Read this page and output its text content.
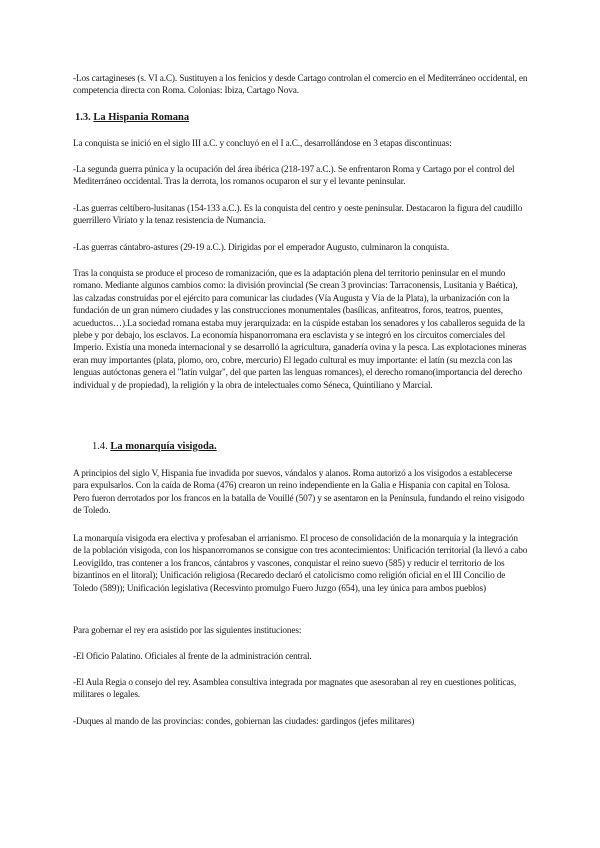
-Los cartagineses (s. VI a.C). Sustituyen a los fenicios y desde Cartago controlan el comercio en el Mediterráneo occidental, en competencia directa con Roma. Colonias: Ibiza, Cartago Nova.

1.3. La Hispania Romana

La conquista se inició en el siglo III a.C. y concluyó en el I a.C., desarrollándose en 3 etapas discontinuas:

-La segunda guerra púnica y la ocupación del área ibérica (218-197 a.C.). Se enfrentaron Roma y Cartago por el control del Mediterráneo occidental. Tras la derrota, los romanos ocuparon el sur y el levante peninsular.

-Las guerras celtíbero-lusitanas (154-133 a.C.). Es la conquista del centro y oeste peninsular. Destacaron la figura del caudillo guerrillero Viriato y la tenaz resistencia de Numancia.

-Las guerras cántabro-astures (29-19 a.C.). Dirigidas por el emperador Augusto, culminaron la conquista.

Tras la conquista se produce el proceso de romanización, que es la adaptación plena del territorio peninsular en el mundo romano. Mediante algunos cambios como: la división provincial (Se crean 3 provincias: Tarraconensis, Lusitania y Baética), las calzadas construidas por el ejército para comunicar las ciudades (Vía Augusta y Vía de la Plata), la urbanización con la fundación de un gran número ciudades y las construcciones monumentales (basílicas, anfiteatros, foros, teatros, puentes, acueductos…).La sociedad romana estaba muy jerarquizada: en la cúspide estaban los senadores y los caballeros seguida de la plebe y por debajo, los esclavos. La economía hispanorromana era esclavista y se integró en los circuitos comerciales del Imperio. Existía una moneda internacional y se desarrolló la agricultura, ganadería ovina y la pesca. Las explotaciones mineras eran muy importantes (plata, plomo, oro, cobre, mercurio) El legado cultural es muy importante: el latín (su mezcla con las lenguas autóctonas genera el "latín vulgar", del que parten las lenguas romances), el derecho romano(importancia del derecho individual y de propiedad), la religión y la obra de intelectuales como Séneca, Quintiliano y Marcial.

1.4. La monarquía visigoda.

A principios del siglo V, Hispania fue invadida por suevos, vándalos y alanos. Roma autorizó a los visigodos a establecerse para expulsarlos. Con la caída de Roma (476) crearon un reino independiente en la Galia e Hispania con capital en Tolosa. Pero fueron derrotados por los francos en la batalla de Vouillé (507) y se asentaron en la Península, fundando el reino visigodo de Toledo.

La monarquía visigoda era electiva y profesaban el arrianismo. El proceso de consolidación de la monarquía y la integración de la población visigoda, con los hispanorromanos se consigue con tres acontecimientos: Unificación territorial (la llevó a cabo Leovigildo, tras contener a los francos, cántabros y vascones, conquistar el reino suevo (585) y reducir el territorio de los bizantinos en el litoral); Unificación religiosa (Recaredo declaró el catolicismo como religión oficial en el III Concilio de Toledo (589)); Unificación legislativa (Recesvinto promulgo Fuero Juzgo (654), una ley única para ambos pueblos)

Para gobernar el rey era asistido por las siguientes instituciones:

-El Oficio Palatino. Oficiales al frente de la administración central.

-El Aula Regia o consejo del rey. Asamblea consultiva integrada por magnates que asesoraban al rey en cuestiones políticas, militares o legales.

-Duques al mando de las provincias: condes, gobiernan las ciudades: gardingos (jefes militares)
